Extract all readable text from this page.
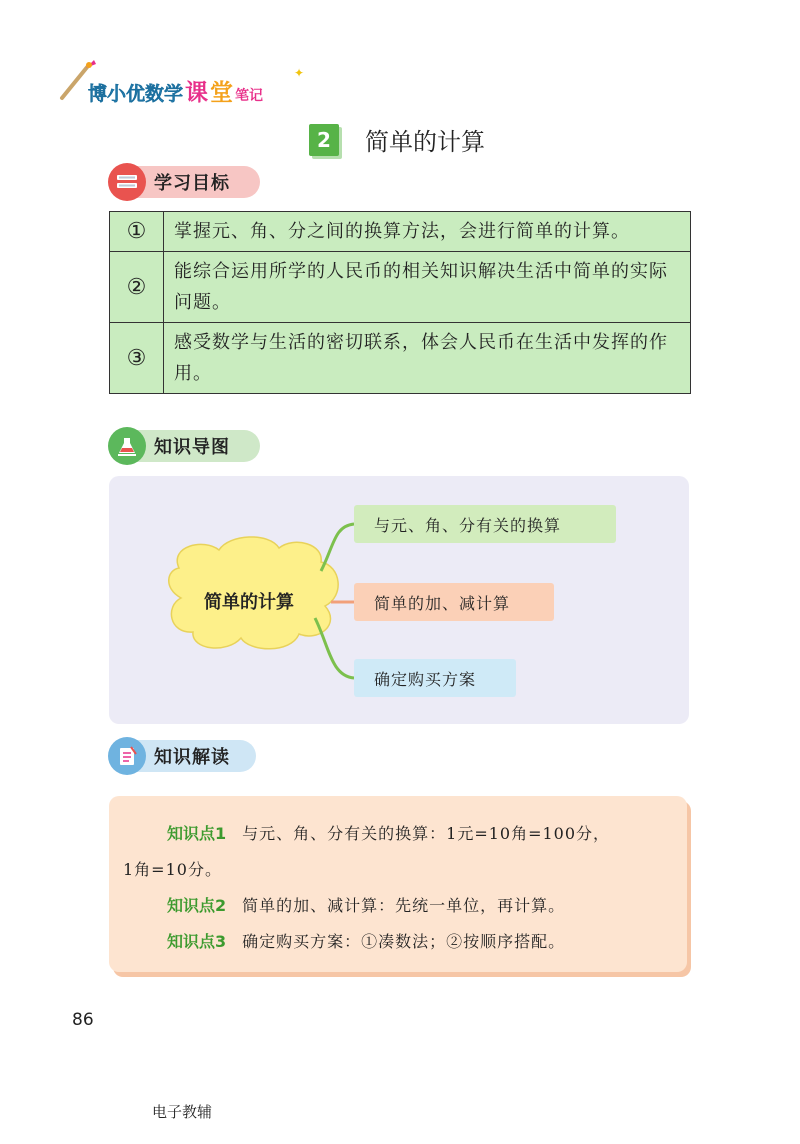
博小优数学 课 堂 笔记
✦
2	简单的计算
学习目标
①	掌握元、角、分之间的换算方法，会进行简单的计算。
②	能综合运用所学的人民币的相关知识解决生活中简单的实际问题。
③	感受数学与生活的密切联系，体会人民币在生活中发挥的作用。
知识导图
简单的计算
与元、角、分有关的换算
简单的加、减计算
确定购买方案
知识解读
知识点1 与元、角、分有关的换算：1元=10角=100分，
1角=10分。
知识点2 简单的加、减计算：先统一单位，再计算。
知识点3 确定购买方案：①凑数法；②按顺序搭配。
86
电子教辅
